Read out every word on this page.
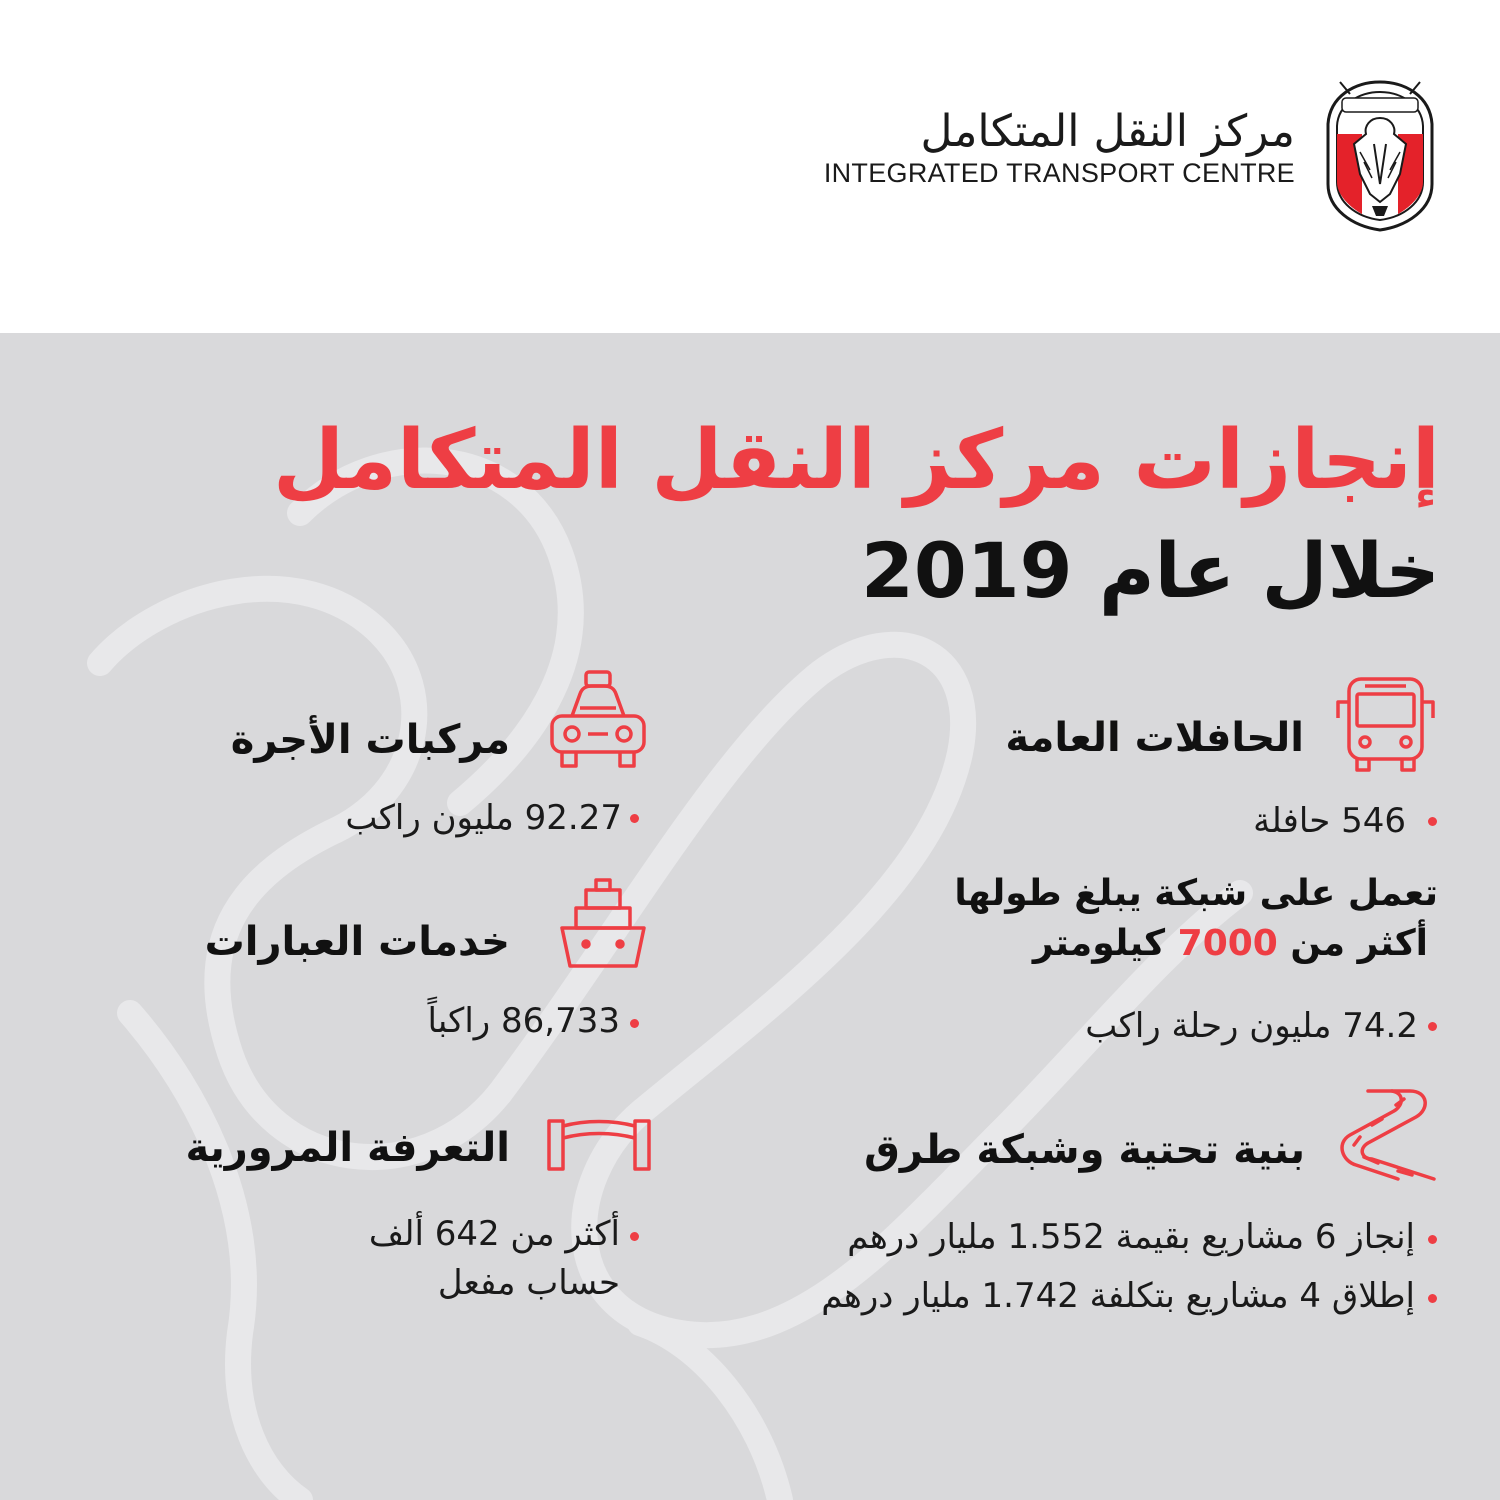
مركز النقل المتكامل
INTEGRATED TRANSPORT CENTRE
إنجازات مركز النقل المتكامل
خلال عام 2019
الحافلات العامة
546 حافلة
تعمل على شبكة يبلغ طولها
أكثر من 7000 كيلومتر
74.2 مليون رحلة راكب
مركبات الأجرة
92.27 مليون راكب
خدمات العبارات
86,733 راكباً
بنية تحتية وشبكة طرق
إنجاز 6 مشاريع بقيمة 1.552 مليار درهم
إطلاق 4 مشاريع بتكلفة 1.742 مليار درهم
التعرفة المرورية
أكثر من 642 ألف
حساب مفعل
